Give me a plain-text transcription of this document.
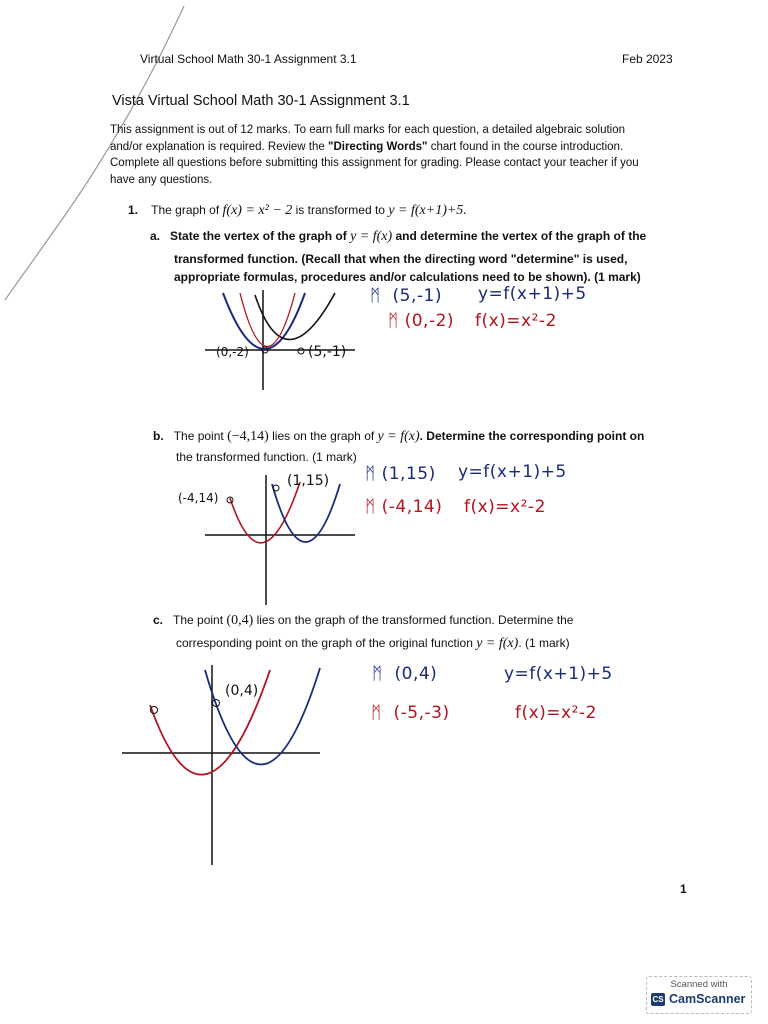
Virtual School Math 30-1 Assignment 3.1	Feb 2023
Vista Virtual School Math 30-1 Assignment 3.1
This assignment is out of 12 marks. To earn full marks for each question, a detailed algebraic solution
and/or explanation is required. Review the "Directing Words" chart found in the course introduction.
Complete all questions before submitting this assignment for grading. Please contact your teacher if you
have any questions.
1. The graph of f(x) = x² − 2 is transformed to y = f(x+1)+5.
a. State the vertex of the graph of y = f(x) and determine the vertex of the graph of the
transformed function. (Recall that when the directing word "determine" is used,
appropriate formulas, procedures and/or calculations need to be shown). (1 mark)
(0,-2)	(5,-1)
ᛗ (5,-1) y=f(x+1)+5
ᛗ (0,-2) f(x)=x²-2
b. The point (−4,14) lies on the graph of y = f(x). Determine the corresponding point on
the transformed function. (1 mark)
(-4,14)
(1,15) ᛗ (1,15) y=f(x+1)+5
ᛗ (-4,14) f(x)=x²-2
c. The point (0,4) lies on the graph of the transformed function. Determine the
corresponding point on the graph of the original function y = f(x). (1 mark)
(0,4)
ᛗ (0,4)	y=f(x+1)+5
ᛗ (-5,-3)	f(x)=x²-2
1
Scanned with
CS CamScanner
